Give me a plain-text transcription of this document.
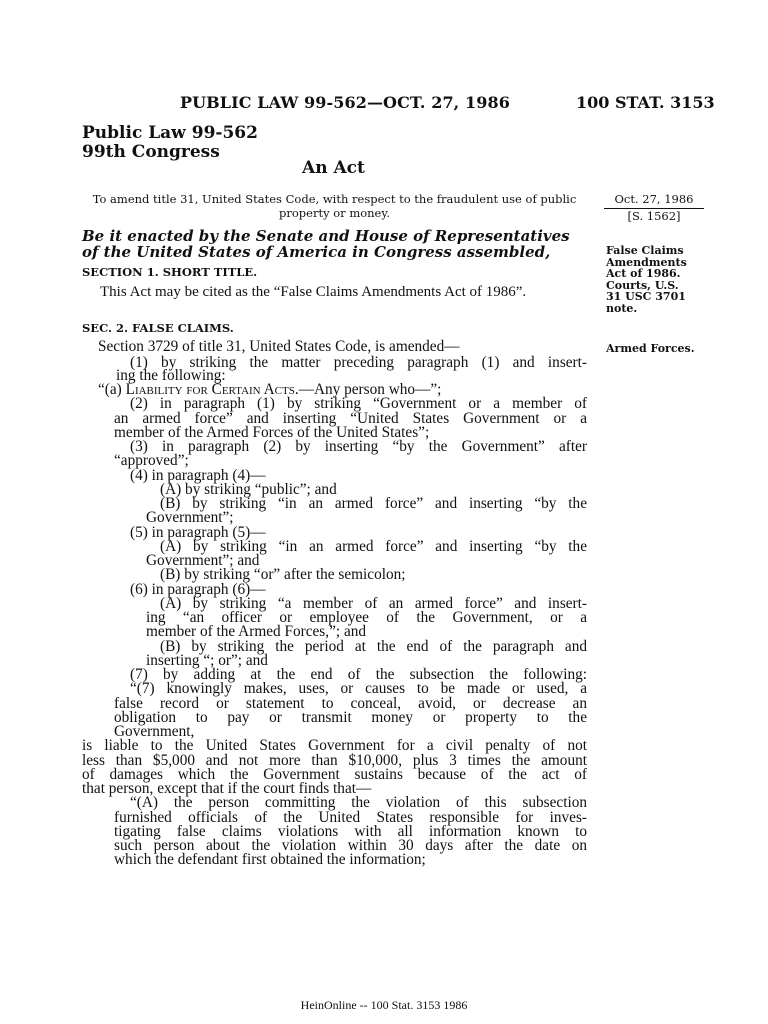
PUBLIC LAW 99-562—OCT. 27, 1986	100 STAT. 3153
Public Law 99-562
99th Congress
An Act
To amend title 31, United States Code, with respect to the fraudulent use of public property or money.
Oct. 27, 1986
[S. 1562]
Be it enacted by the Senate and House of Representatives of the United States of America in Congress assembled,
SECTION 1. SHORT TITLE.
This Act may be cited as the “False Claims Amendments Act of 1986”.
SEC. 2. FALSE CLAIMS.
False Claims
Amendments
Act of 1986.
Courts, U.S.
31 USC 3701
note.
Armed Forces.
Section 3729 of title 31, United States Code, is amended—
(1) by striking the matter preceding paragraph (1) and insert-
ing the following:
“(a) Liability for Certain Acts.—Any person who—”;
(2) in paragraph (1) by striking “Government or a member of
an armed force” and inserting “United States Government or a
member of the Armed Forces of the United States”;
(3) in paragraph (2) by inserting “by the Government” after
“approved”;
(4) in paragraph (4)—
(A) by striking “public”; and
(B) by striking “in an armed force” and inserting “by the
Government”;
(5) in paragraph (5)—
(A) by striking “in an armed force” and inserting “by the
Government”; and
(B) by striking “or” after the semicolon;
(6) in paragraph (6)—
(A) by striking “a member of an armed force” and insert-
ing “an officer or employee of the Government, or a
member of the Armed Forces,”; and
(B) by striking the period at the end of the paragraph and
inserting “; or”; and
(7) by adding at the end of the subsection the following:
“(7) knowingly makes, uses, or causes to be made or used, a
false record or statement to conceal, avoid, or decrease an
obligation to pay or transmit money or property to the
Government,
is liable to the United States Government for a civil penalty of not
less than $5,000 and not more than $10,000, plus 3 times the amount
of damages which the Government sustains because of the act of
that person, except that if the court finds that—
“(A) the person committing the violation of this subsection
furnished officials of the United States responsible for inves-
tigating false claims violations with all information known to
such person about the violation within 30 days after the date on
which the defendant first obtained the information;
HeinOnline -- 100 Stat. 3153 1986
